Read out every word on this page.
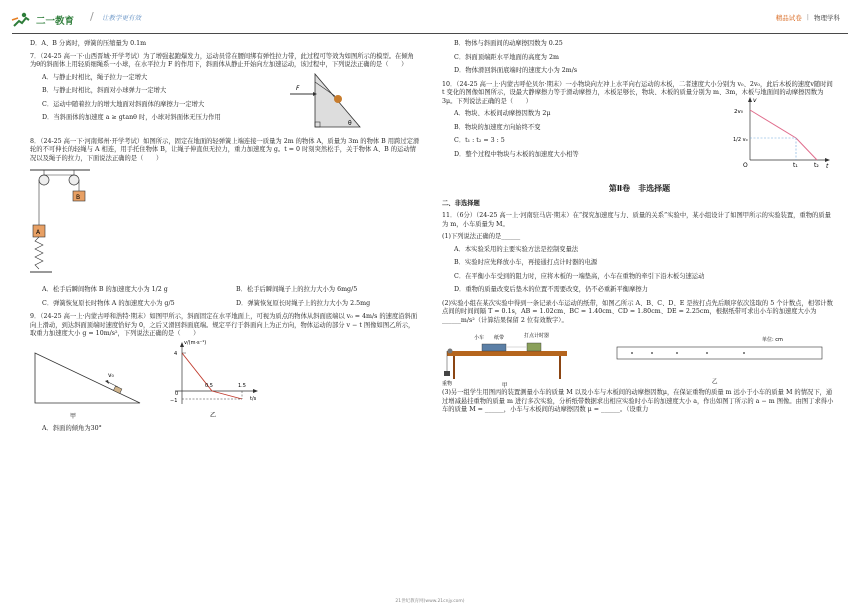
二一教育 / 让教学更有效	精品试卷 | 物理学科

D．A、B 分离时，弹簧的压缩量为 0.1m

7．（24-25 高一下·山西晋城·开学考试）为了增强起跑爆发力，运动员常在腰间绑有弹性拉力带，此过程可等效为如图所示的模型。在倾角为θ的斜面体上用轻质细绳系一小球，在水平拉力 F 的作用下，斜面体从静止开始向左加速运动，该过程中，下列说法正确的是（　　）

A．与静止时相比，绳子拉力一定增大

B．与静止时相比，斜面对小球弹力一定增大

C．运动中随着拉力的增大地面对斜面体的摩擦力一定增大

D．当斜面体的加速度 a ≥ gtanθ 时，小球对斜面体无压力作用

F
θ

8．（24-25 高一下·河南郑州·开学考试）如图所示，固定在地面的轻弹簧上端连接一质量为 2m 的物体 A，质量为 3m 的物体 B 用跨过定滑轮的不可伸长的轻绳与 A 相连，用手托住物体 B，让绳子伸直但无拉力，重力加速度为 g。t = 0 时刻突然松手，关于物体 A、B 的运动情况以及绳子的拉力，下面说法正确的是（　　）

B
A
A．松手后瞬间物体 B 的加速度大小为 1/2 g	B．松手后瞬间绳子上的拉力大小为 6mg/5
C．弹簧恢复原长时物体 A 的加速度大小为 g/5	D．弹簧恢复原长时绳子上的拉力大小为 2.5mg

9．（24-25 高一上·内蒙古呼和浩特·期末）如图甲所示，斜面固定在水平地面上，可视为质点的物体从斜面底端以 v₀ = 4m/s 的速度沿斜面向上滑动，到达斜面顶端时速度恰好为 0，之后又滑回斜面底端。规定平行于斜面向上为正方向，物体运动的部分 v − t 图像如图乙所示，取重力加速度大小 g = 10m/s²，下列说法正确的是（　　）

v₀
甲
v/(m·s⁻¹)
t/s
4
0
−1
0.5	1.5
乙

A．斜面的倾角为30°

B．物体与斜面间的动摩擦因数为 0.25

C．斜面顶端距水平地面的高度为 2m

D．物体滑回斜面底端时的速度大小为 2m/s

10．（24-25 高一上·内蒙古呼伦贝尔·期末）一小物块向左冲上水平向右运动的木板，二者速度大小分别为 v₀、2v₀，此后木板的速度v随时间 t 变化的图像如图所示，设最大静摩擦力等于滑动摩擦力，木板足够长，物块、木板的质量分别为 m、3m，木板与地面间的动摩擦因数为3μ。下列说法正确的是（　　）

A．物块、木板间动摩擦因数为 2μ

B．物块的加速度方向始终不变

C．t₁ : t₂ = 3 : 5

D．整个过程中物块与木板的加速度大小相等

2v₀
1/2 v₀
v
t
O	t₁	t₂
第Ⅱ卷　非选择题
二、非选择题

11．（6分）（24-25 高一上·河南驻马店·期末）在“探究加速度与力、质量的关系”实验中，某小组设计了如图甲所示的实验装置，重物的质量为 m，小车质量为 M。

(1)下列说法正确的是______

A．本实验采用的主要实验方法是控制变量法

B．实验时应先释放小车，再接通打点计时器的电源

C．在平衡小车受到的阻力时，应将木板的一端垫高，小车在重物的牵引下沿木板匀速运动

D．重物的质量改变后垫木的位置不需要改变，仍不必重新平衡摩擦力

(2)实验小组在某次实验中得到一条记录小车运动的纸带，如图乙所示 A、B、C、D、E 是按打点先后顺序依次选取的 5 个计数点，相邻计数点间的时间间隔 T = 0.1s，AB = 1.02cm、BC = 1.40cm、CD = 1.80cm、DE = 2.25cm，根据纸带可求出小车的加速度大小为______m/s²（计算结果保留 2 位有效数字）。

小车 纸带	打点计时器
重物	甲
单位: cm
乙

(3)另一组学生用图丙的装置测量小车的质量 M 以及小车与木板间的动摩擦因数μ，在保证重物的质量 m 远小于小车的质量 M 的情况下，通过增减悬挂重物的质量 m 进行多次实验，分析纸带数据求出相应实验时小车的加速度大小 a，作出如图丁所示的 a − m 图像。由图丁求得小车的质量 M = ______，小车与木板间的动摩擦因数 μ = ______。（设重力

21世纪教育网(www.21cnjy.com)
